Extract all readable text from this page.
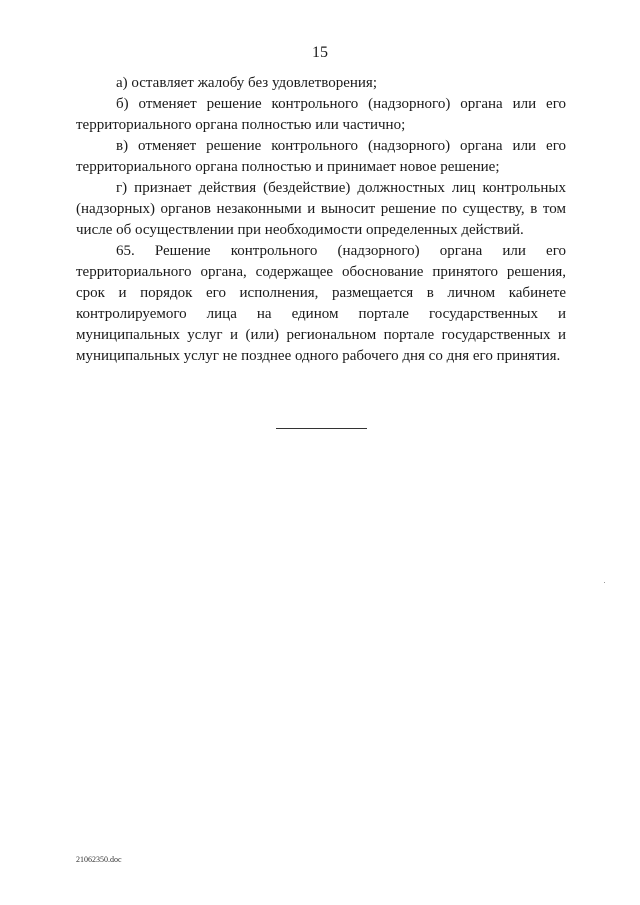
15

а) оставляет жалобу без удовлетворения;

б) отменяет решение контрольного (надзорного) органа или его территориального органа полностью или частично;

в) отменяет решение контрольного (надзорного) органа или его территориального органа полностью и принимает новое решение;

г) признает действия (бездействие) должностных лиц контрольных (надзорных) органов незаконными и выносит решение по существу, в том числе об осуществлении при необходимости определенных действий.

65. Решение контрольного (надзорного) органа или его территориального органа, содержащее обоснование принятого решения, срок и порядок его исполнения, размещается в личном кабинете контролируемого лица на едином портале государственных и муниципальных услуг и (или) региональном портале государственных и муниципальных услуг не позднее одного рабочего дня со дня его принятия.

21062350.doc
